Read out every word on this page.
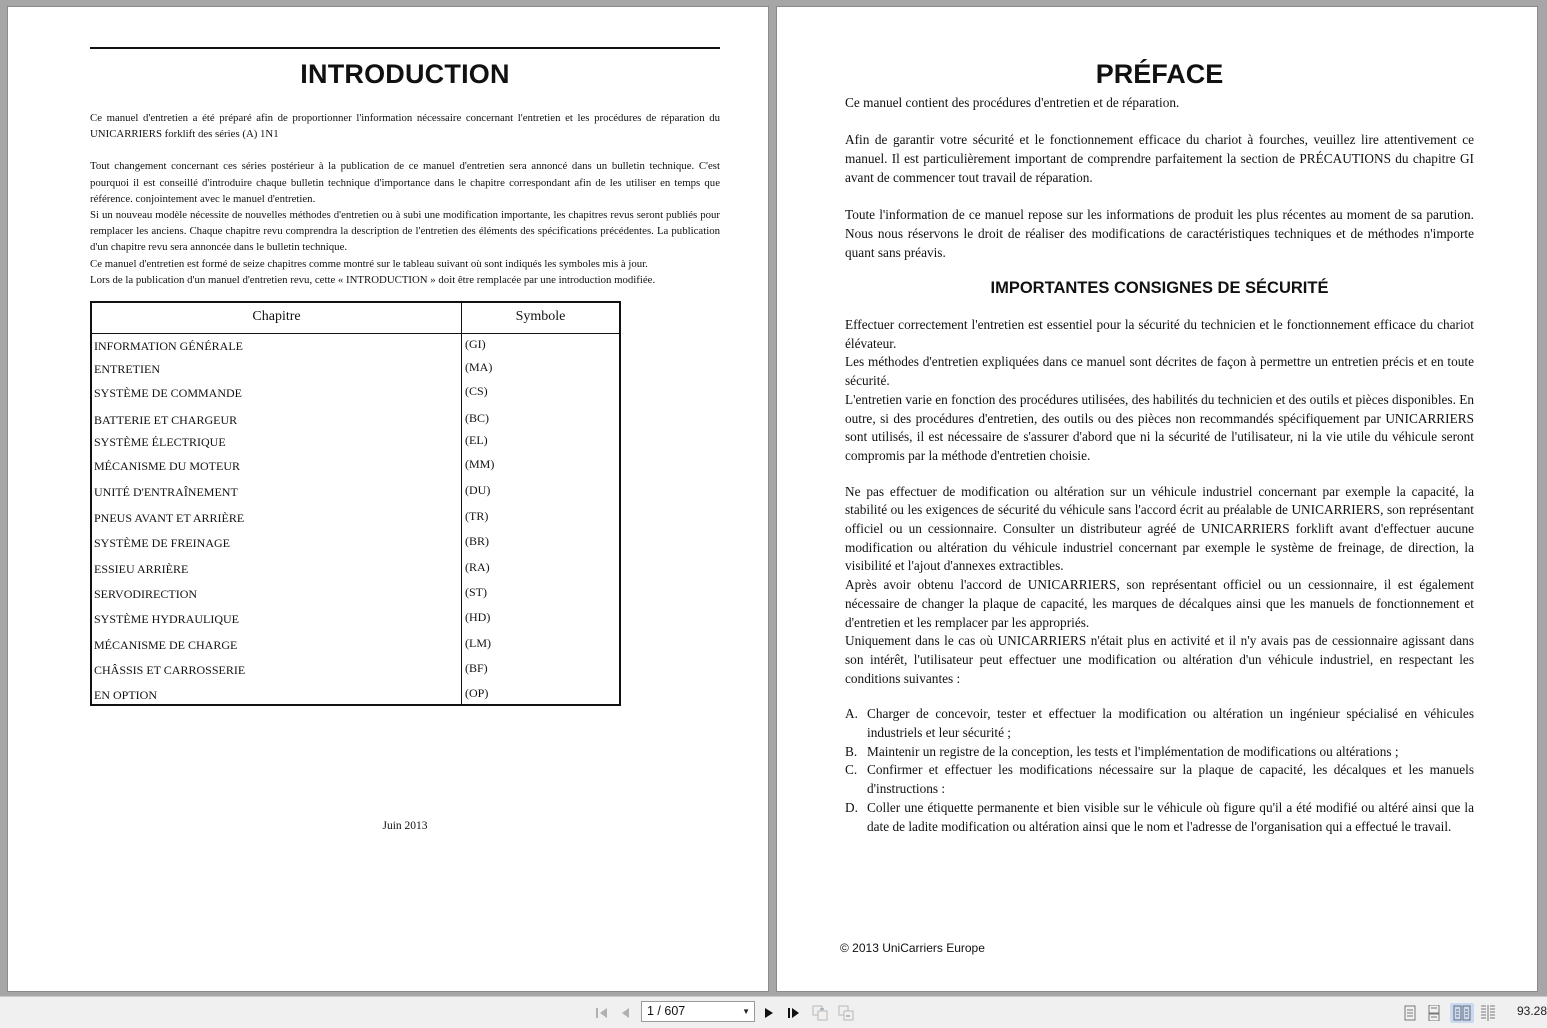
INTRODUCTION

Ce manuel d'entretien a été préparé afin de proportionner l'information nécessaire concernant l'entretien et les procédures de réparation du UNICARRIERS forklift des séries (A) 1N1

Tout changement concernant ces séries postérieur à la publication de ce manuel d'entretien sera annoncé dans un bulletin technique. C'est pourquoi il est conseillé d'introduire chaque bulletin technique d'importance dans le chapitre correspondant afin de les utiliser en temps que référence. conjointement avec le manuel d'entretien.

Si un nouveau modèle nécessite de nouvelles méthodes d'entretien ou à subi une modification importante, les chapitres revus seront publiés pour remplacer les anciens. Chaque chapitre revu comprendra la description de l'entretien des éléments des spécifications précédentes. La publication d'un chapitre revu sera annoncée dans le bulletin technique.

Ce manuel d'entretien est formé de seize chapitres comme montré sur le tableau suivant où sont indiqués les symboles mis à jour.

Lors de la publication d'un manuel d'entretien revu, cette « INTRODUCTION » doit être remplacée par une introduction modifiée.

Chapitre	Symbole
INFORMATION GÉNÉRALE	(GI)
ENTRETIEN	(MA)
SYSTÈME DE COMMANDE	(CS)
BATTERIE ET CHARGEUR	(BC)
SYSTÈME ÉLECTRIQUE	(EL)
MÉCANISME DU MOTEUR	(MM)
UNITÉ D'ENTRAÎNEMENT	(DU)
PNEUS AVANT ET ARRIÈRE	(TR)
SYSTÈME DE FREINAGE	(BR)
ESSIEU ARRIÈRE	(RA)
SERVODIRECTION	(ST)
SYSTÈME HYDRAULIQUE	(HD)
MÉCANISME DE CHARGE	(LM)
CHÂSSIS ET CARROSSERIE	(BF)
EN OPTION	(OP)
Juin 2013
PRÉFACE

Ce manuel contient des procédures d'entretien et de réparation.

Afin de garantir votre sécurité et le fonctionnement efficace du chariot à fourches, veuillez lire attentivement ce manuel. Il est particulièrement important de comprendre parfaitement la section de PRÉCAUTIONS du chapitre GI avant de commencer tout travail de réparation.

Toute l'information de ce manuel repose sur les informations de produit les plus récentes au moment de sa parution. Nous nous réservons le droit de réaliser des modifications de caractéristiques techniques et de méthodes n'importe quant sans préavis.

IMPORTANTES CONSIGNES DE SÉCURITÉ

Effectuer correctement l'entretien est essentiel pour la sécurité du technicien et le fonctionnement efficace du chariot élévateur.

Les méthodes d'entretien expliquées dans ce manuel sont décrites de façon à permettre un entretien précis et en toute sécurité.

L'entretien varie en fonction des procédures utilisées, des habilités du technicien et des outils et pièces disponibles. En outre, si des procédures d'entretien, des outils ou des pièces non recommandés spécifiquement par UNICARRIERS sont utilisés, il est nécessaire de s'assurer d'abord que ni la sécurité de l'utilisateur, ni la vie utile du véhicule seront compromis par la méthode d'entretien choisie.

Ne pas effectuer de modification ou altération sur un véhicule industriel concernant par exemple la capacité, la stabilité ou les exigences de sécurité du véhicule sans l'accord écrit au préalable de UNICARRIERS, son représentant officiel ou un cessionnaire. Consulter un distributeur agréé de UNICARRIERS forklift avant d'effectuer aucune modification ou altération du véhicule industriel concernant par exemple le système de freinage, de direction, la visibilité et l'ajout d'annexes extractibles.

Après avoir obtenu l'accord de UNICARRIERS, son représentant officiel ou un cessionnaire, il est également nécessaire de changer la plaque de capacité, les marques de décalques ainsi que les manuels de fonctionnement et d'entretien et les remplacer par les appropriés.

Uniquement dans le cas où UNICARRIERS n'était plus en activité et il n'y avais pas de cessionnaire agissant dans son intérêt, l'utilisateur peut effectuer une modification ou altération d'un véhicule industriel, en respectant les conditions suivantes :

A. Charger de concevoir, tester et effectuer la modification ou altération un ingénieur spécialisé en véhicules industriels et leur sécurité ;
B. Maintenir un registre de la conception, les tests et l'implémentation de modifications ou altérations ;
C. Confirmer et effectuer les modifications nécessaire sur la plaque de capacité, les décalques et les manuels d'instructions :
D. Coller une étiquette permanente et bien visible sur le véhicule où figure qu'il a été modifié ou altéré ainsi que la date de ladite modification ou altération ainsi que le nom et l'adresse de l'organisation qui a effectué le travail.
© 2013 UniCarriers Europe
1 / 607	▼	93.28
